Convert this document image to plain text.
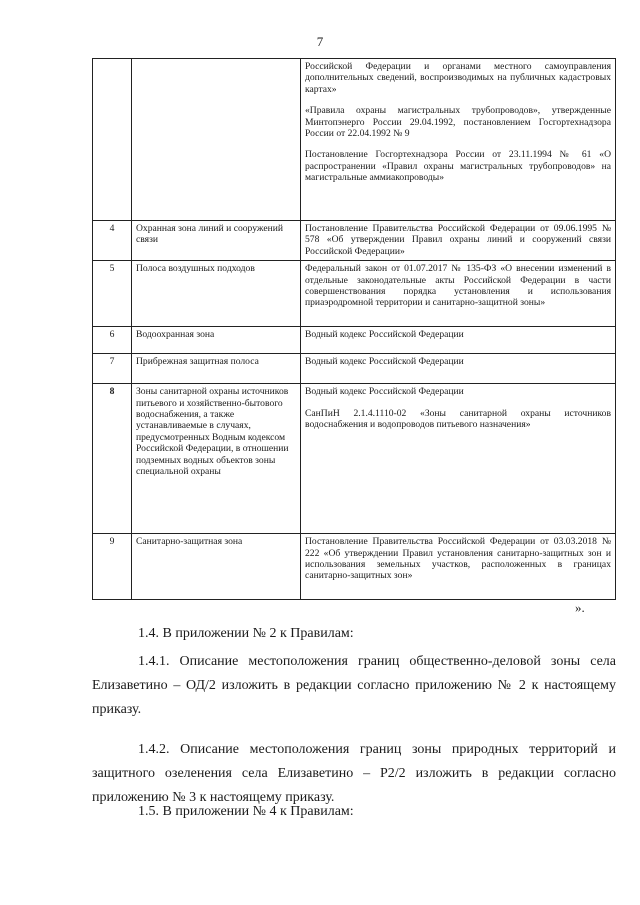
7

		Российской Федерации и органами местного самоуправления дополнительных сведений, воспроизводимых на публичных кадастровых картах»

«Правила охраны магистральных трубопроводов», утвержденные Минтопэнерго России 29.04.1992, постановлением Госгортехнадзора России от 22.04.1992 № 9

Постановление Госгортехнадзора России от 23.11.1994 № 61 «О распространении «Правил охраны магистральных трубопроводов» на магистральные аммиакопроводы»

4	Охранная зона линий и сооружений связи	Постановление Правительства Российской Федерации от 09.06.1995 № 578 «Об утверждении Правил охраны линий и сооружений связи Российской Федерации»

5	Полоса воздушных подходов	Федеральный закон от 01.07.2017 № 135-ФЗ «О внесении изменений в отдельные законодательные акты Российской Федерации в части совершенствования порядка установления и использования приаэродромной территории и санитарно-защитной зоны»

6	Водоохранная зона	Водный кодекс Российской Федерации

7	Прибрежная защитная полоса	Водный кодекс Российской Федерации

8	Зоны санитарной охраны источников питьевого и хозяйственно-бытового водоснабжения, а также устанавливаемые в случаях, предусмотренных Водным кодексом Российской Федерации, в отношении подземных водных объектов зоны специальной охраны	Водный кодекс Российской Федерации

СанПиН 2.1.4.1110-02 «Зоны санитарной охраны источников водоснабжения и водопроводов питьевого назначения»

9	Санитарно-защитная зона	Постановление Правительства Российской Федерации от 03.03.2018 № 222 «Об утверждении Правил установления санитарно-защитных зон и использования земельных участков, расположенных в границах санитарно-защитных зон»

».

1.4. В приложении № 2 к Правилам:

1.4.1. Описание местоположения границ общественно-деловой зоны села Елизаветино – ОД/2 изложить в редакции согласно приложению № 2 к настоящему приказу.

1.4.2. Описание местоположения границ зоны природных территорий и защитного озеленения села Елизаветино – Р2/2 изложить в редакции согласно приложению № 3 к настоящему приказу.

1.5. В приложении № 4 к Правилам:
